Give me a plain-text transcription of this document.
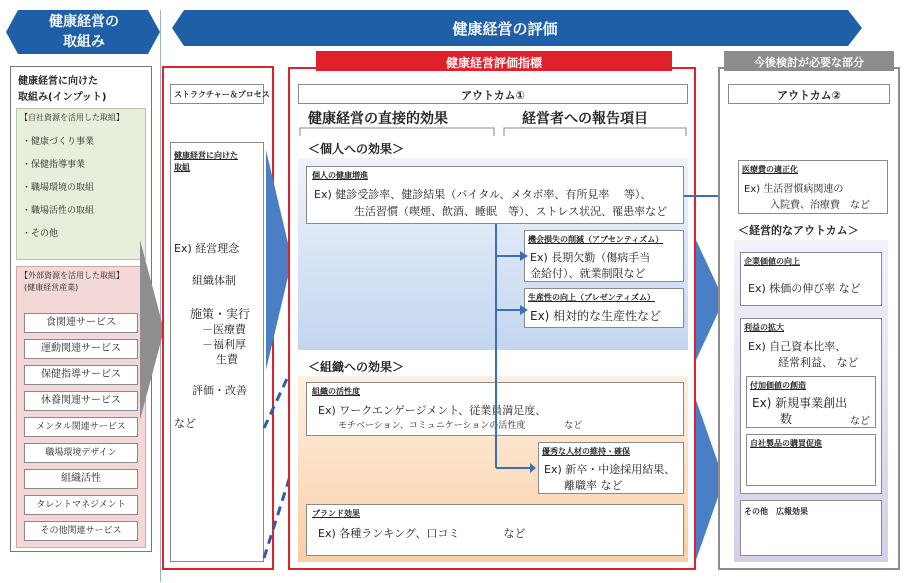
健康経営の
取組み
健康経営の評価
健康経営に向けた
取組み(インプット)
【自社資源を活用した取組】
・健康づくり事業
・保健指導事業
・職場環境の取組
・職場活性の取組
・その他
【外部資源を活用した取組】
(健康経営産業)
食関連サービス
運動関連サービス
保健指導サービス
休養関連サービス
メンタル関連サービス
職場環境デザイン
組織活性
タレントマネジメント
その他関連サービス
ストラクチャー＆プロセス
健康経営に向けた
取組
Ex) 経営理念
組織体制
施策・実行
－医療費
－福利厚
生費
評価・改善
など
健康経営評価指標
アウトカム①
健康経営の直接的効果	経営者への報告項目
＜個人への効果＞
個人の健康増進
Ex) 健診受診率、健診結果（バイタル、メタボ率、有所見率　 等）、
生活習慣（喫煙、飲酒、睡眠　等）、ストレス状況、罹患率など
機会損失の削減（アブセンティズム）
Ex) 長期欠勤（傷病手当
金給付）、就業制限など
生産性の向上（プレゼンティズム）
Ex) 相対的な生産性など
＜組織への効果＞
組織の活性度
Ex) ワークエンゲージメント、従業員満足度、
モチベーション、コミュニケーションの活性度　　　　 など
優秀な人材の維持・確保
Ex) 新卒・中途採用結果、
離職率 など
ブランド効果
Ex) 各種ランキング、口コミ　　　　など
今後検討が必要な部分
アウトカム②
医療費の適正化
Ex) 生活習慣病関連の
入院費、治療費　など
＜経営的なアウトカム＞
企業価値の向上
Ex) 株価の伸び率 など
利益の拡大
Ex) 自己資本比率、
経常利益、 など
付加価値の創造
Ex) 新規事業創出
数	など
自社製品の購買促進
その他　広報効果
